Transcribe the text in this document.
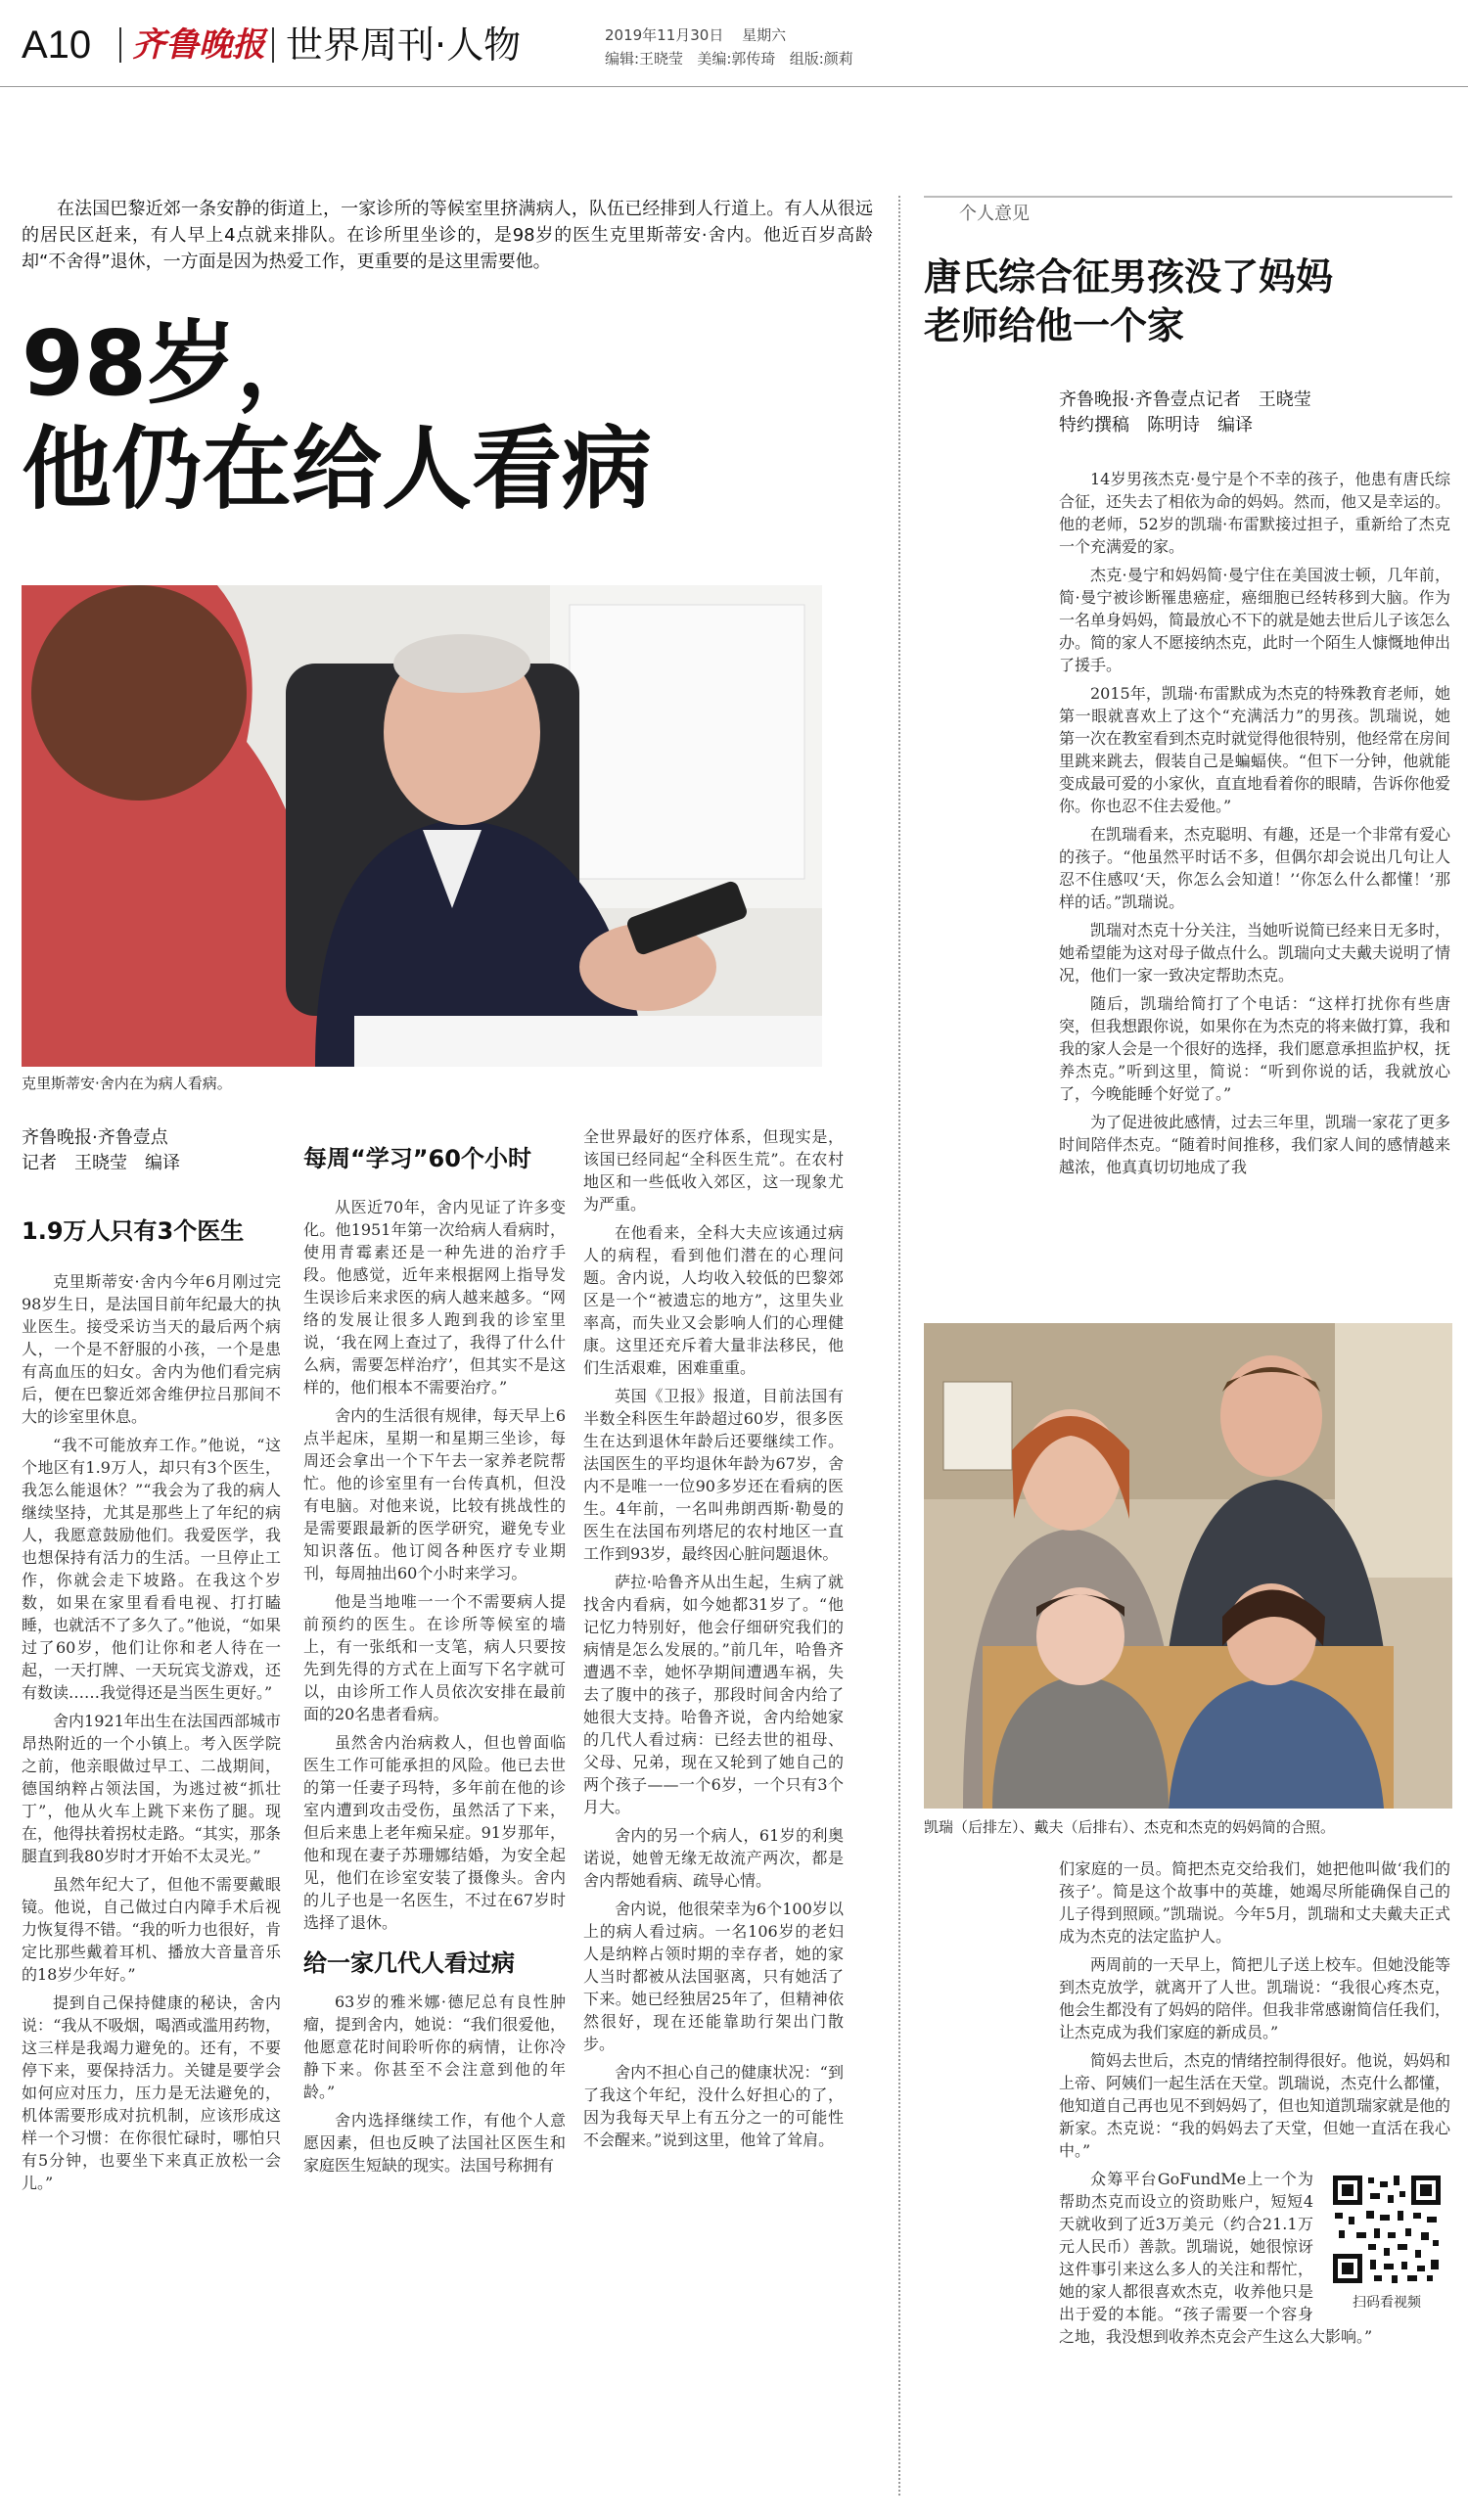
A10 齐鲁晚报 世界周刊·人物	2019年11月30日 星期六
编辑:王晓莹   美编:郭传琦   组版:颜莉
在法国巴黎近郊一条安静的街道上，一家诊所的等候室里挤满病人，队伍已经排到人行道上。有人从很远的居民区赶来，有人早上4点就来排队。在诊所里坐诊的，是98岁的医生克里斯蒂安·舍内。他近百岁高龄却“不舍得”退休，一方面是因为热爱工作，更重要的是这里需要他。
98岁，
他仍在给人看病
克里斯蒂安·舍内在为病人看病。
齐鲁晚报·齐鲁壹点
记者　王晓莹　编译
1.9万人只有3个医生

克里斯蒂安·舍内今年6月刚过完98岁生日，是法国目前年纪最大的执业医生。接受采访当天的最后两个病人，一个是不舒服的小孩，一个是患有高血压的妇女。舍内为他们看完病后，便在巴黎近郊舍维伊拉吕那间不大的诊室里休息。

“我不可能放弃工作。”他说，“这个地区有1.9万人，却只有3个医生，我怎么能退休？”“我会为了我的病人继续坚持，尤其是那些上了年纪的病人，我愿意鼓励他们。我爱医学，我也想保持有活力的生活。一旦停止工作，你就会走下坡路。在我这个岁数，如果在家里看看电视、打打瞌睡，也就活不了多久了。”他说，“如果过了60岁，他们让你和老人待在一起，一天打牌、一天玩宾戈游戏，还有数读……我觉得还是当医生更好。”

舍内1921年出生在法国西部城市昂热附近的一个小镇上。考入医学院之前，他亲眼做过早工、二战期间，德国纳粹占领法国，为逃过被“抓壮丁”，他从火车上跳下来伤了腿。现在，他得扶着拐杖走路。“其实，那条腿直到我80岁时才开始不太灵光。”

虽然年纪大了，但他不需要戴眼镜。他说，自己做过白内障手术后视力恢复得不错。“我的听力也很好，肯定比那些戴着耳机、播放大音量音乐的18岁少年好。”

提到自己保持健康的秘诀，舍内说：“我从不吸烟，喝酒或滥用药物，这三样是我竭力避免的。还有，不要停下来，要保持活力。关键是要学会如何应对压力，压力是无法避免的，机体需要形成对抗机制，应该形成这样一个习惯：在你很忙碌时，哪怕只有5分钟，也要坐下来真正放松一会儿。”

每周“学习”60个小时

从医近70年，舍内见证了许多变化。他1951年第一次给病人看病时，使用青霉素还是一种先进的治疗手段。他感觉，近年来根据网上指导发生误诊后来求医的病人越来越多。“网络的发展让很多人跑到我的诊室里说，‘我在网上查过了，我得了什么什么病，需要怎样治疗’，但其实不是这样的，他们根本不需要治疗。”

舍内的生活很有规律，每天早上6点半起床，星期一和星期三坐诊，每周还会拿出一个下午去一家养老院帮忙。他的诊室里有一台传真机，但没有电脑。对他来说，比较有挑战性的是需要跟最新的医学研究，避免专业知识落伍。他订阅各种医疗专业期刊，每周抽出60个小时来学习。

他是当地唯一一个不需要病人提前预约的医生。在诊所等候室的墙上，有一张纸和一支笔，病人只要按先到先得的方式在上面写下名字就可以，由诊所工作人员依次安排在最前面的20名患者看病。

虽然舍内治病救人，但也曾面临医生工作可能承担的风险。他已去世的第一任妻子玛特，多年前在他的诊室内遭到攻击受伤，虽然活了下来，但后来患上老年痴呆症。91岁那年，他和现在妻子苏珊娜结婚，为安全起见，他们在诊室安装了摄像头。舍内的儿子也是一名医生，不过在67岁时选择了退休。

给一家几代人看过病

63岁的雅米娜·德尼总有良性肿瘤，提到舍内，她说：“我们很爱他，他愿意花时间聆听你的病情，让你冷静下来。你甚至不会注意到他的年龄。”

舍内选择继续工作，有他个人意愿因素，但也反映了法国社区医生和家庭医生短缺的现实。法国号称拥有

全世界最好的医疗体系，但现实是，该国已经同起“全科医生荒”。在农村地区和一些低收入郊区，这一现象尤为严重。

在他看来，全科大夫应该通过病人的病程，看到他们潜在的心理问题。舍内说，人均收入较低的巴黎郊区是一个“被遗忘的地方”，这里失业率高，而失业又会影响人们的心理健康。这里还充斥着大量非法移民，他们生活艰难，困难重重。

英国《卫报》报道，目前法国有半数全科医生年龄超过60岁，很多医生在达到退休年龄后还要继续工作。法国医生的平均退休年龄为67岁，舍内不是唯一一位90多岁还在看病的医生。4年前，一名叫弗朗西斯·勒曼的医生在法国布列塔尼的农村地区一直工作到93岁，最终因心脏问题退休。

萨拉·哈鲁齐从出生起，生病了就找舍内看病，如今她都31岁了。“他记忆力特别好，他会仔细研究我们的病情是怎么发展的。”前几年，哈鲁齐遭遇不幸，她怀孕期间遭遇车祸，失去了腹中的孩子，那段时间舍内给了她很大支持。哈鲁齐说，舍内给她家的几代人看过病：已经去世的祖母、父母、兄弟，现在又轮到了她自己的两个孩子——一个6岁，一个只有3个月大。

舍内的另一个病人，61岁的利奥诺说，她曾无缘无故流产两次，都是舍内帮她看病、疏导心情。

舍内说，他很荣幸为6个100岁以上的病人看过病。一名106岁的老妇人是纳粹占领时期的幸存者，她的家人当时都被从法国驱离，只有她活了下来。她已经独居25年了，但精神依然很好，现在还能靠助行架出门散步。

舍内不担心自己的健康状况：“到了我这个年纪，没什么好担心的了，因为我每天早上有五分之一的可能性不会醒来。”说到这里，他耸了耸肩。

个人意见
唐氏综合征男孩没了妈妈
老师给他一个家
齐鲁晚报·齐鲁壹点记者　王晓莹
特约撰稿　陈明诗　编译

14岁男孩杰克·曼宁是个不幸的孩子，他患有唐氏综合征，还失去了相依为命的妈妈。然而，他又是幸运的。他的老师，52岁的凯瑞·布雷默接过担子，重新给了杰克一个充满爱的家。

杰克·曼宁和妈妈简·曼宁住在美国波士顿，几年前，简·曼宁被诊断罹患癌症，癌细胞已经转移到大脑。作为一名单身妈妈，简最放心不下的就是她去世后儿子该怎么办。简的家人不愿接纳杰克，此时一个陌生人慷慨地伸出了援手。

2015年，凯瑞·布雷默成为杰克的特殊教育老师，她第一眼就喜欢上了这个“充满活力”的男孩。凯瑞说，她第一次在教室看到杰克时就觉得他很特别，他经常在房间里跳来跳去，假装自己是蝙蝠侠。“但下一分钟，他就能变成最可爱的小家伙，直直地看着你的眼睛，告诉你他爱你。你也忍不住去爱他。”

在凯瑞看来，杰克聪明、有趣，还是一个非常有爱心的孩子。“他虽然平时话不多，但偶尔却会说出几句让人忍不住感叹‘天，你怎么会知道！’‘你怎么什么都懂！’那样的话。”凯瑞说。

凯瑞对杰克十分关注，当她听说简已经来日无多时，她希望能为这对母子做点什么。凯瑞向丈夫戴夫说明了情况，他们一家一致决定帮助杰克。

随后，凯瑞给简打了个电话：“这样打扰你有些唐突，但我想跟你说，如果你在为杰克的将来做打算，我和我的家人会是一个很好的选择，我们愿意承担监护权，抚养杰克。”听到这里，简说：“听到你说的话，我就放心了，今晚能睡个好觉了。”

为了促进彼此感情，过去三年里，凯瑞一家花了更多时间陪伴杰克。“随着时间推移，我们家人间的感情越来越浓，他真真切切地成了我

凯瑞（后排左）、戴夫（后排右）、杰克和杰克的妈妈简的合照。

们家庭的一员。简把杰克交给我们，她把他叫做‘我们的孩子’。简是这个故事中的英雄，她竭尽所能确保自己的儿子得到照顾。”凯瑞说。今年5月，凯瑞和丈夫戴夫正式成为杰克的法定监护人。

两周前的一天早上，简把儿子送上校车。但她没能等到杰克放学，就离开了人世。凯瑞说：“我很心疼杰克，他会生都没有了妈妈的陪伴。但我非常感谢简信任我们，让杰克成为我们家庭的新成员。”

简妈去世后，杰克的情绪控制得很好。他说，妈妈和上帝、阿姨们一起生活在天堂。凯瑞说，杰克什么都懂，他知道自己再也见不到妈妈了，但也知道凯瑞家就是他的新家。杰克说：“我的妈妈去了天堂，但她一直活在我心中。”

扫码看视频

众筹平台GoFundMe上一个为帮助杰克而设立的资助账户，短短4天就收到了近3万美元（约合21.1万元人民币）善款。凯瑞说，她很惊讶这件事引来这么多人的关注和帮忙，她的家人都很喜欢杰克，收养他只是出于爱的本能。“孩子需要一个容身之地，我没想到收养杰克会产生这么大影响。”
